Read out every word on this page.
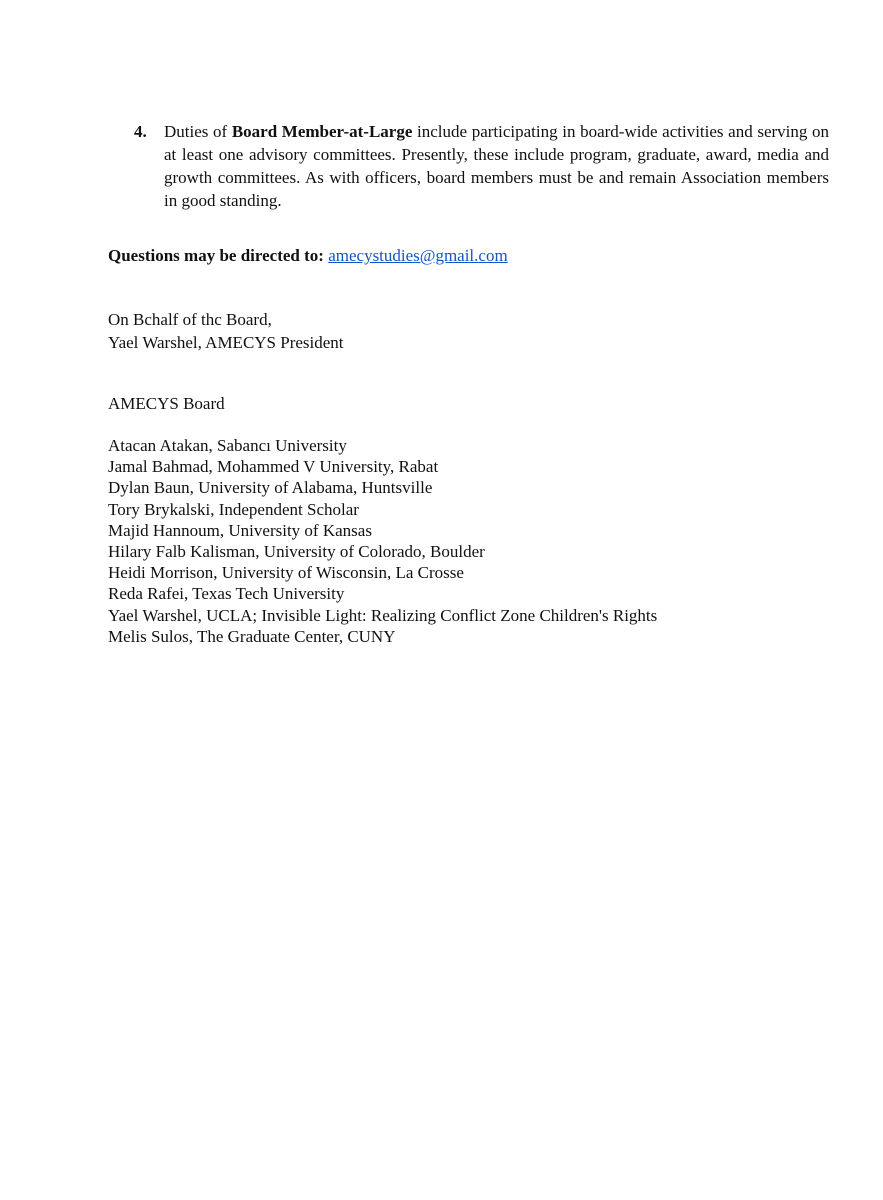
4.	Duties of Board Member-at-Large include participating in board-wide activities and serving on at least one advisory committees. Presently, these include program, graduate, award, media and growth committees. As with officers, board members must be and remain Association members in good standing.
Questions may be directed to: amecystudies@gmail.com
On Bchalf of thc Board,
Yael Warshel, AMECYS President
AMECYS Board
Atacan Atakan, Sabancı University
Jamal Bahmad, Mohammed V University, Rabat
Dylan Baun, University of Alabama, Huntsville
Tory Brykalski, Independent Scholar
Majid Hannoum, University of Kansas
Hilary Falb Kalisman, University of Colorado, Boulder
Heidi Morrison, University of Wisconsin, La Crosse
Reda Rafei, Texas Tech University
Yael Warshel, UCLA; Invisible Light: Realizing Conflict Zone Children's Rights
Melis Sulos, The Graduate Center, CUNY
